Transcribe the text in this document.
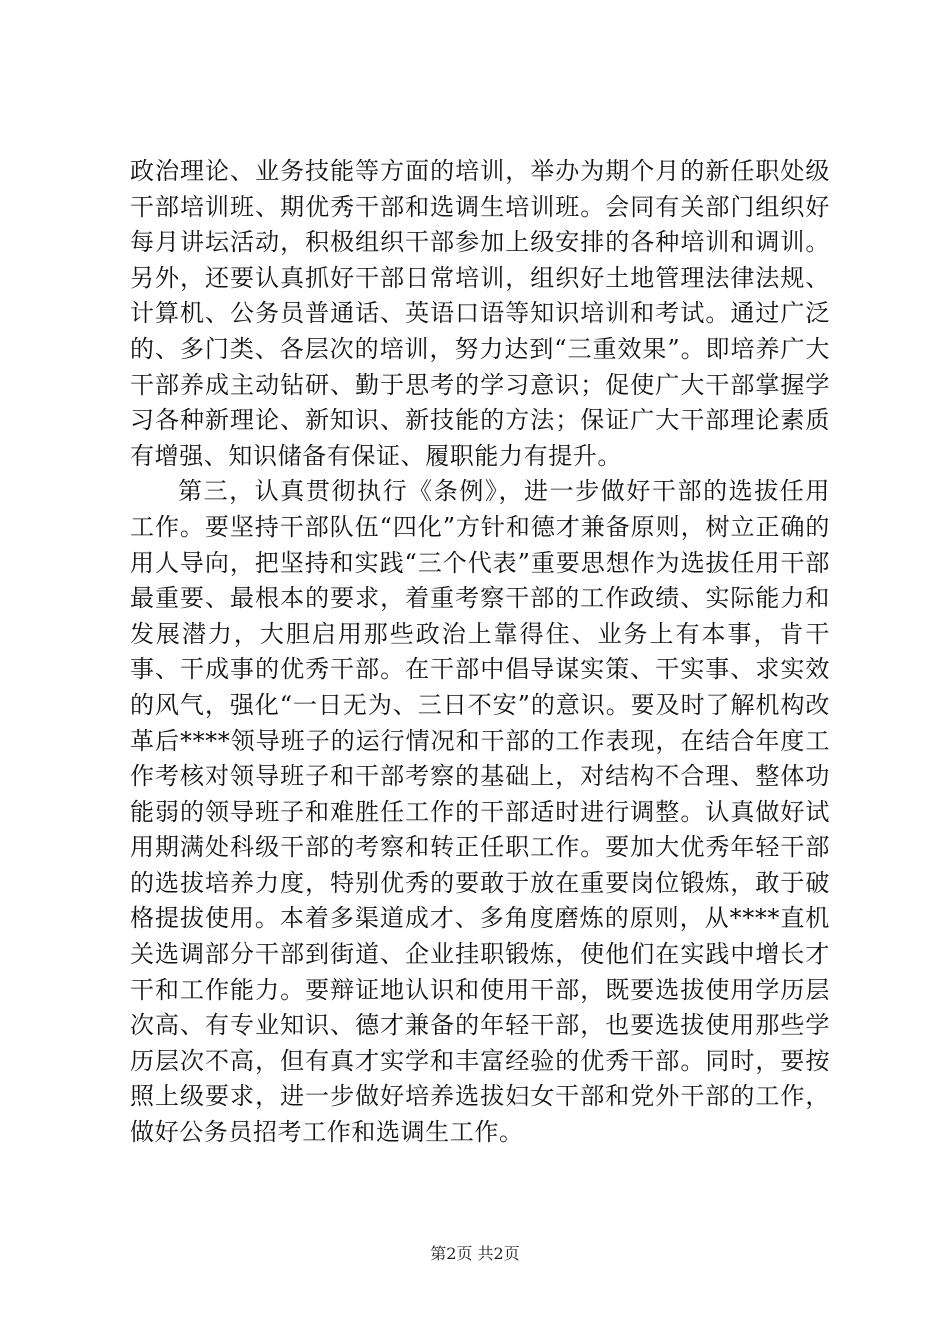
政治理论、业务技能等方面的培训，举办为期个月的新任职处级干部培训班、期优秀干部和选调生培训班。会同有关部门组织好每月讲坛活动，积极组织干部参加上级安排的各种培训和调训。另外，还要认真抓好干部日常培训，组织好土地管理法律法规、计算机、公务员普通话、英语口语等知识培训和考试。通过广泛的、多门类、各层次的培训，努力达到“三重效果”。即培养广大干部养成主动钻研、勤于思考的学习意识；促使广大干部掌握学习各种新理论、新知识、新技能的方法；保证广大干部理论素质有增强、知识储备有保证、履职能力有提升。

第三，认真贯彻执行《条例》，进一步做好干部的选拔任用工作。要坚持干部队伍“四化”方针和德才兼备原则，树立正确的用人导向，把坚持和实践“三个代表”重要思想作为选拔任用干部最重要、最根本的要求，着重考察干部的工作政绩、实际能力和发展潜力，大胆启用那些政治上靠得住、业务上有本事，肯干事、干成事的优秀干部。在干部中倡导谋实策、干实事、求实效的风气，强化“一日无为、三日不安”的意识。要及时了解机构改革后****领导班子的运行情况和干部的工作表现，在结合年度工作考核对领导班子和干部考察的基础上，对结构不合理、整体功能弱的领导班子和难胜任工作的干部适时进行调整。认真做好试用期满处科级干部的考察和转正任职工作。要加大优秀年轻干部的选拔培养力度，特别优秀的要敢于放在重要岗位锻炼，敢于破格提拔使用。本着多渠道成才、多角度磨炼的原则，从****直机关选调部分干部到街道、企业挂职锻炼，使他们在实践中增长才干和工作能力。要辩证地认识和使用干部，既要选拔使用学历层次高、有专业知识、德才兼备的年轻干部，也要选拔使用那些学历层次不高，但有真才实学和丰富经验的优秀干部。同时，要按照上级要求，进一步做好培养选拔妇女干部和党外干部的工作，做好公务员招考工作和选调生工作。

第2页 共2页
